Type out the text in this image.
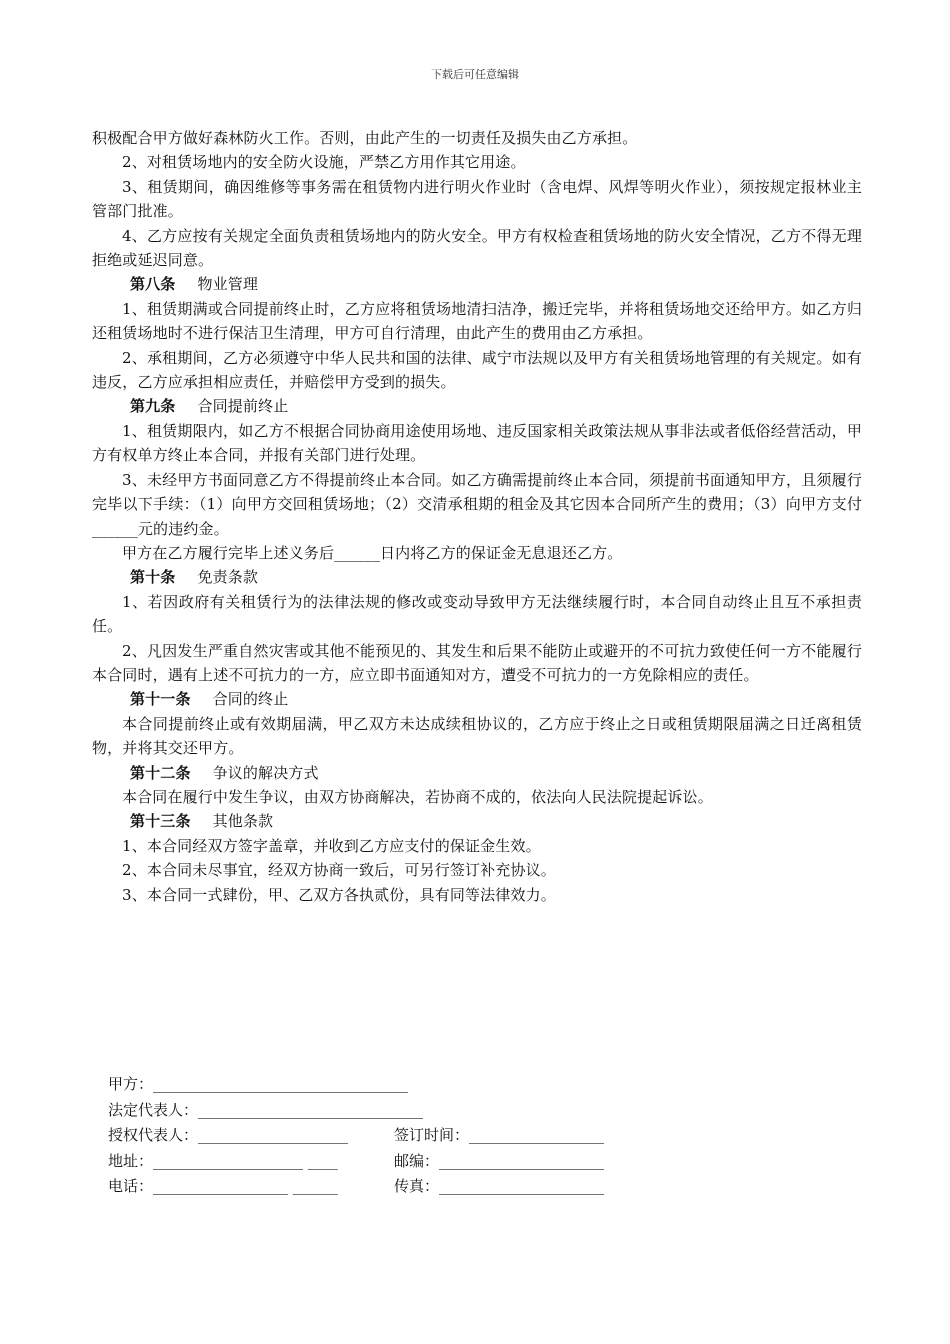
下载后可任意编辑

积极配合甲方做好森林防火工作。否则，由此产生的一切责任及损失由乙方承担。

2、对租赁场地内的安全防火设施，严禁乙方用作其它用途。

3、租赁期间，确因维修等事务需在租赁物内进行明火作业时（含电焊、风焊等明火作业），须按规定报林业主管部门批准。

4、乙方应按有关规定全面负责租赁场地内的防火安全。甲方有权检查租赁场地的防火安全情况，乙方不得无理拒绝或延迟同意。

第八条 物业管理

1、租赁期满或合同提前终止时，乙方应将租赁场地清扫洁净，搬迁完毕，并将租赁场地交还给甲方。如乙方归还租赁场地时不进行保洁卫生清理，甲方可自行清理，由此产生的费用由乙方承担。

2、承租期间，乙方必须遵守中华人民共和国的法律、咸宁市法规以及甲方有关租赁场地管理的有关规定。如有违反，乙方应承担相应责任，并赔偿甲方受到的损失。

第九条 合同提前终止

1、租赁期限内，如乙方不根据合同协商用途使用场地、违反国家相关政策法规从事非法或者低俗经营活动，甲方有权单方终止本合同，并报有关部门进行处理。

3、未经甲方书面同意乙方不得提前终止本合同。如乙方确需提前终止本合同，须提前书面通知甲方，且须履行完毕以下手续：（1）向甲方交回租赁场地；（2）交清承租期的租金及其它因本合同所产生的费用；（3）向甲方支付______元的违约金。

甲方在乙方履行完毕上述义务后______日内将乙方的保证金无息退还乙方。

第十条 免责条款

1、若因政府有关租赁行为的法律法规的修改或变动导致甲方无法继续履行时，本合同自动终止且互不承担责任。

2、凡因发生严重自然灾害或其他不能预见的、其发生和后果不能防止或避开的不可抗力致使任何一方不能履行本合同时，遇有上述不可抗力的一方，应立即书面通知对方，遭受不可抗力的一方免除相应的责任。

第十一条 合同的终止

本合同提前终止或有效期届满，甲乙双方未达成续租协议的，乙方应于终止之日或租赁期限届满之日迁离租赁物，并将其交还甲方。

第十二条 争议的解决方式

本合同在履行中发生争议，由双方协商解决，若协商不成的，依法向人民法院提起诉讼。

第十三条 其他条款

1、本合同经双方签字盖章，并收到乙方应支付的保证金生效。

2、本合同未尽事宜，经双方协商一致后，可另行签订补充协议。

3、本合同一式肆份，甲、乙双方各执贰份，具有同等法律效力。

甲方：__________________________________
法定代表人：______________________________
授权代表人：____________________	签订时间：__________________
地址：____________________ ____	邮编：______________________
电话：__________________ ______	传真：______________________
